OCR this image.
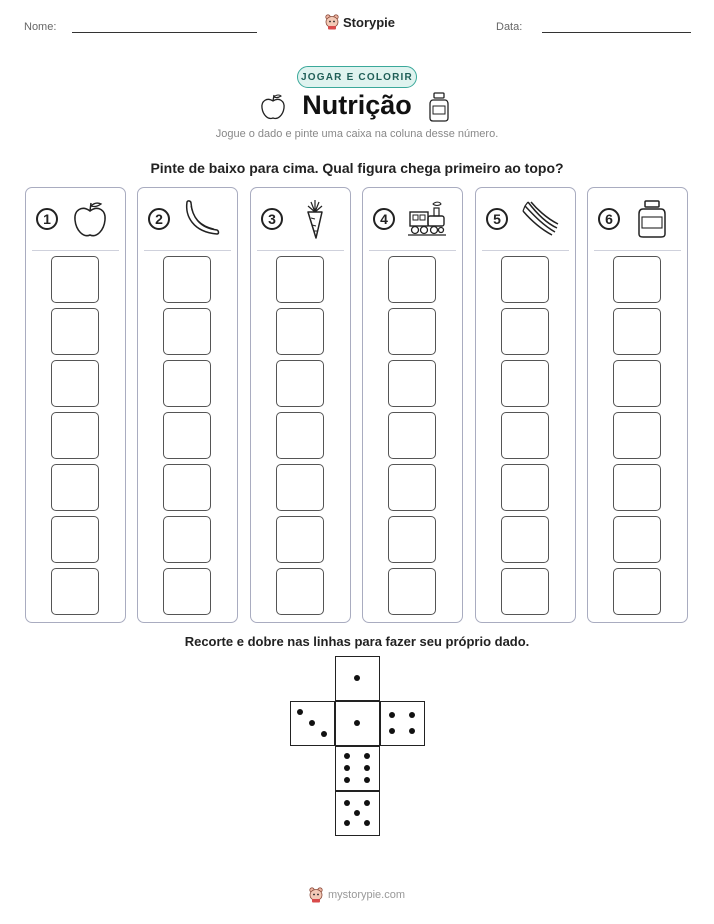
Nome:	Storypie	Data:
JOGAR E COLORIR
Nutrição
Jogue o dado e pinte uma caixa na coluna desse número.
Pinte de baixo para cima. Qual figura chega primeiro ao topo?
1	2	3	4	5	6
Recorte e dobre nas linhas para fazer seu próprio dado.
mystorypie.com
